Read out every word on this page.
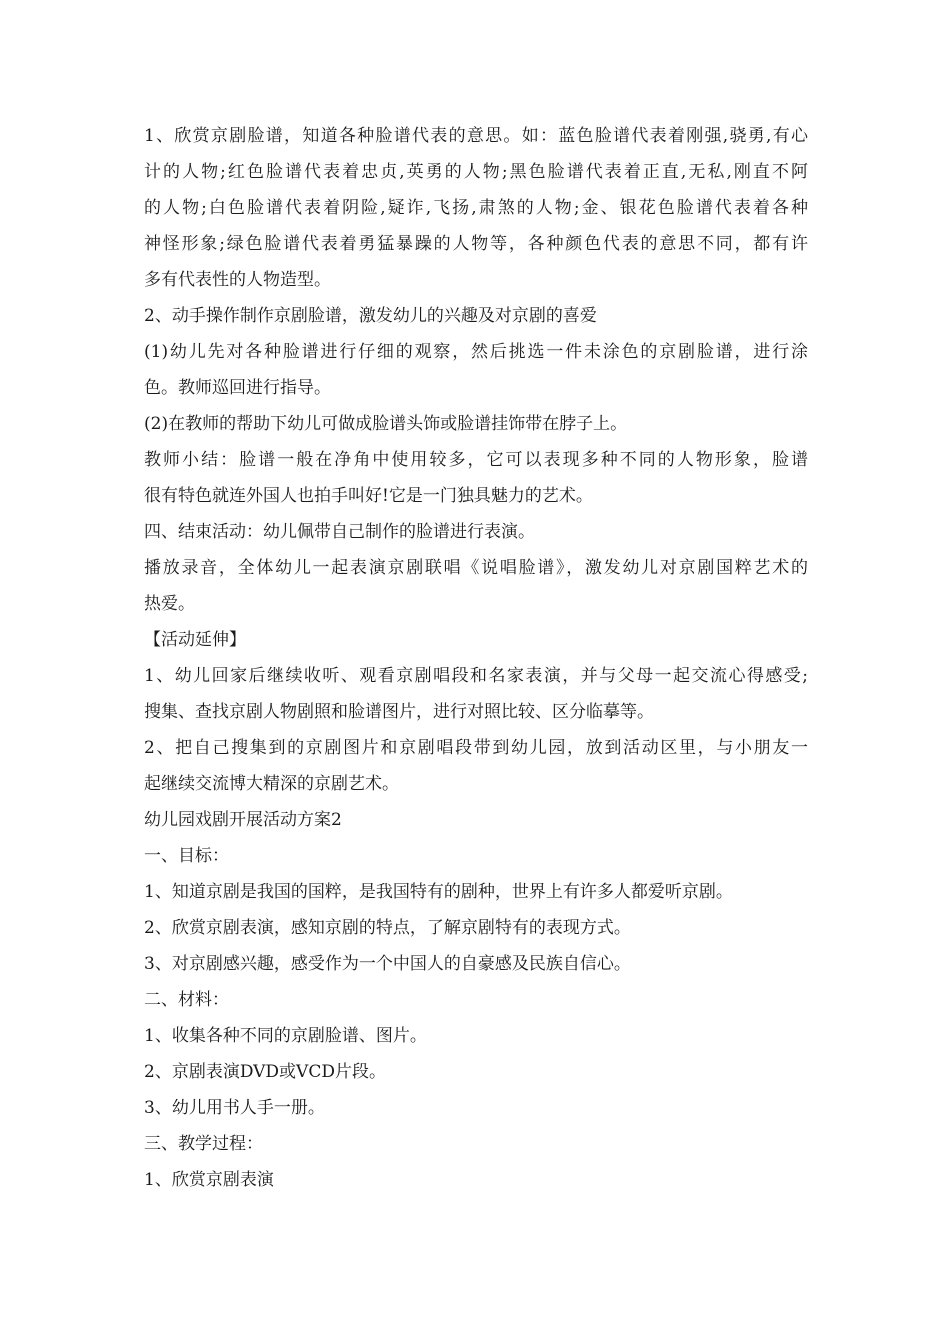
1、欣赏京剧脸谱，知道各种脸谱代表的意思。如：蓝色脸谱代表着刚强,骁勇,有心
计的人物;红色脸谱代表着忠贞,英勇的人物;黑色脸谱代表着正直,无私,刚直不阿
的人物;白色脸谱代表着阴险,疑诈,飞扬,肃煞的人物;金、银花色脸谱代表着各种
神怪形象;绿色脸谱代表着勇猛暴躁的人物等，各种颜色代表的意思不同，都有许
多有代表性的人物造型。
2、动手操作制作京剧脸谱，激发幼儿的兴趣及对京剧的喜爱
(1)幼儿先对各种脸谱进行仔细的观察，然后挑选一件未涂色的京剧脸谱，进行涂
色。教师巡回进行指导。
(2)在教师的帮助下幼儿可做成脸谱头饰或脸谱挂饰带在脖子上。
教师小结：脸谱一般在净角中使用较多，它可以表现多种不同的人物形象，脸谱
很有特色就连外国人也拍手叫好!它是一门独具魅力的艺术。
四、结束活动：幼儿佩带自己制作的脸谱进行表演。
播放录音，全体幼儿一起表演京剧联唱《说唱脸谱》，激发幼儿对京剧国粹艺术的
热爱。
【活动延伸】
1、幼儿回家后继续收听、观看京剧唱段和名家表演，并与父母一起交流心得感受;
搜集、查找京剧人物剧照和脸谱图片，进行对照比较、区分临摹等。
2、把自己搜集到的京剧图片和京剧唱段带到幼儿园，放到活动区里，与小朋友一
起继续交流博大精深的京剧艺术。
幼儿园戏剧开展活动方案2
一、目标：
1、知道京剧是我国的国粹，是我国特有的剧种，世界上有许多人都爱听京剧。
2、欣赏京剧表演，感知京剧的特点，了解京剧特有的表现方式。
3、对京剧感兴趣，感受作为一个中国人的自豪感及民族自信心。
二、材料：
1、收集各种不同的京剧脸谱、图片。
2、京剧表演DVD或VCD片段。
3、幼儿用书人手一册。
三、教学过程：
1、欣赏京剧表演
